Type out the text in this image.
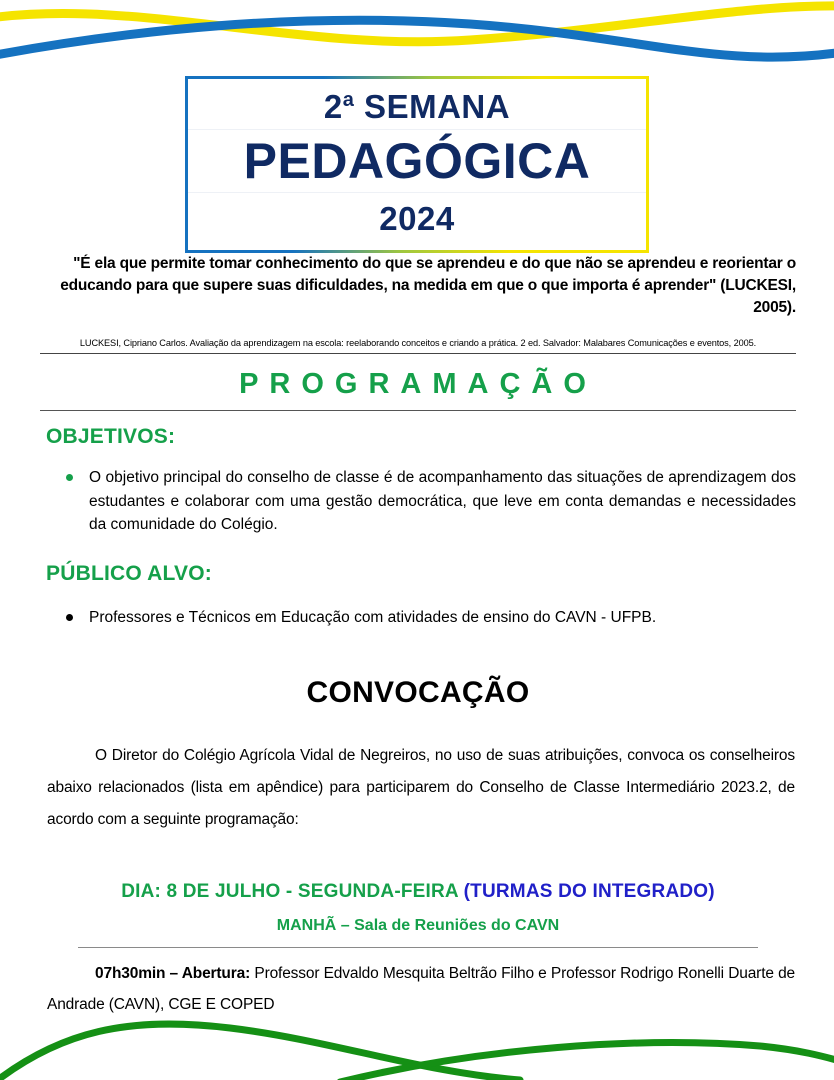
2$^a$ SEMANA
PEDAGÓGICA
2024
"É ela que permite tomar conhecimento do que se aprendeu e do que não se aprendeu e reorientar o educando para que supere suas dificuldades, na medida em que o que importa é aprender" (LUCKESI, 2005).
LUCKESI, Cipriano Carlos. Avaliação da aprendizagem na escola: reelaborando conceitos e criando a prática. 2 ed. Salvador: Malabares Comunicações e eventos, 2005.
PROGRAMAÇÃO
OBJETIVOS:
O objetivo principal do conselho de classe é de acompanhamento das situações de aprendizagem dos estudantes e colaborar com uma gestão democrática, que leve em conta demandas e necessidades da comunidade do Colégio.
PÚBLICO ALVO:
Professores e Técnicos em Educação com atividades de ensino do CAVN - UFPB.
CONVOCAÇÃO
O Diretor do Colégio Agrícola Vidal de Negreiros, no uso de suas atribuições, convoca os conselheiros abaixo relacionados (lista em apêndice) para participarem do Conselho de Classe Intermediário 2023.2, de acordo com a seguinte programação:
DIA: 8 DE JULHO - SEGUNDA-FEIRA (TURMAS DO INTEGRADO)
MANHÃ – Sala de Reuniões do CAVN
07h30min – Abertura: Professor Edvaldo Mesquita Beltrão Filho e Professor Rodrigo Ronelli Duarte de Andrade (CAVN), CGE E COPED
